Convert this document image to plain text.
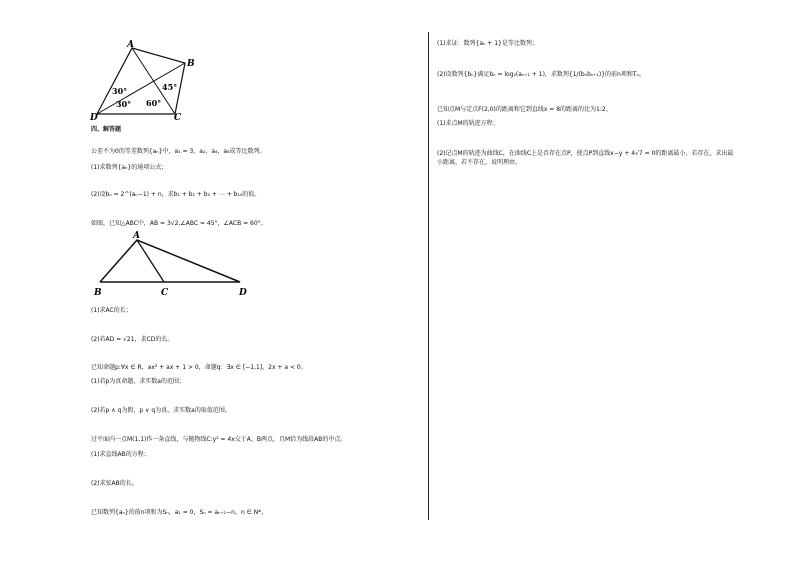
A
B
C
D
30°
30° 60°
45°
四、解答题
公差不为0的等差数列{aₙ}中，a₁ = 3，a₂，a₄，a₈成等比数列。
(1)求数列{aₙ}的通项公式；
(2)设bₙ = 2^(aₙ−1) + n，求b₁ + b₂ + b₃ + ⋯ + b₁₀的值。
如图，已知△ABC中，AB = 3√2,∠ABC = 45°，∠ACB = 60°。
A
B	C	D
(1)求AC的长；
(2)若AD = √21，求CD的长。
已知命题p:∀x ∈ R，ax² + ax + 1 > 0，命题q：∃x ∈ [−1,1]，2x + a < 0。
(1)若p为真命题，求实数a的范围；
(2)若p ∧ q为假，p ∨ q为真，求实数a的取值范围。
过平面内一点M(1,1)作一条直线，与抛物线C:y² = 4x交于A、B两点，且M恰为线段AB的中点。
(1)求直线AB的方程；
(2)求弦AB的长。
已知数列{aₙ}的前n项和为Sₙ，a₁ = 0，Sₙ = aₙ₊₁−n，n ∈ N*。
(1)求证：数列{aₙ + 1}是等比数列；
(2)设数列{bₙ}满足bₙ = log₂(aₙ₊₁ + 1)，求数列{1/(bₙbₙ₊₁)}的前n项和Tₙ。
已知点M与定点F(2,0)的距离和它到直线x = 8的距离的比为1:2。
(1)求点M的轨迹方程；
(2)记点M的轨迹为曲线C，在曲线C上是否存在点P，使点P到直线x−y + 4√7 = 0的距离最小，若存在，求出最
小距离，若不存在，说明理由。
